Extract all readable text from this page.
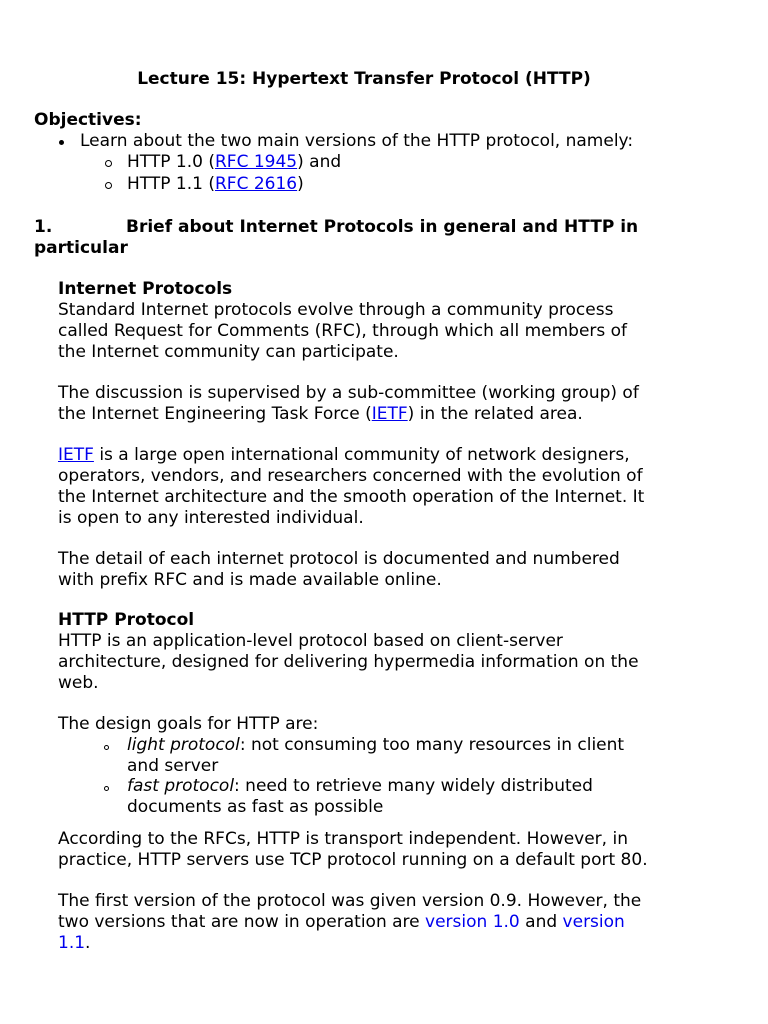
Lecture 15: Hypertext Transfer Protocol (HTTP)
Objectives:
Learn about the two main versions of the HTTP protocol, namely:
HTTP 1.0 (RFC 1945) and
HTTP 1.1 (RFC 2616)
1.	Brief about Internet Protocols in general and HTTP in
particular
Internet Protocols
Standard Internet protocols evolve through a community process
called Request for Comments (RFC), through which all members of
the Internet community can participate.
The discussion is supervised by a sub-committee (working group) of
the Internet Engineering Task Force (IETF) in the related area.
IETF is a large open international community of network designers,
operators, vendors, and researchers concerned with the evolution of
the Internet architecture and the smooth operation of the Internet. It
is open to any interested individual.
The detail of each internet protocol is documented and numbered
with prefix RFC and is made available online.
HTTP Protocol
HTTP is an application-level protocol based on client-server
architecture, designed for delivering hypermedia information on the
web.
The design goals for HTTP are:
light protocol: not consuming too many resources in client
and server
fast protocol: need to retrieve many widely distributed
documents as fast as possible
According to the RFCs, HTTP is transport independent. However, in
practice, HTTP servers use TCP protocol running on a default port 80.
The first version of the protocol was given version 0.9. However, the
two versions that are now in operation are version 1.0 and version
1.1.
